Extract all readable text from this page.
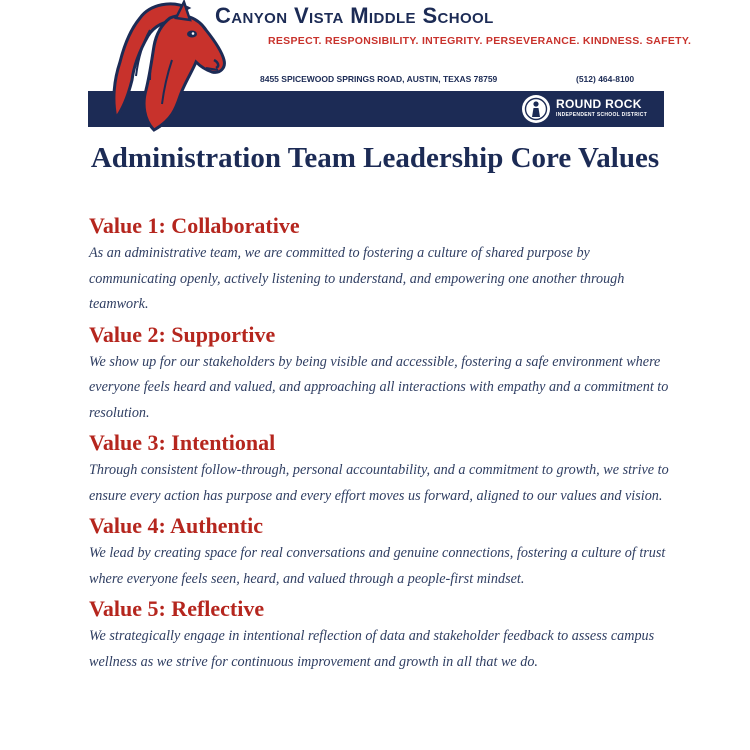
Canyon Vista Middle School
RESPECT. RESPONSIBILITY. INTEGRITY. PERSEVERANCE. KINDNESS. SAFETY.
8455 SPICEWOOD SPRINGS ROAD, AUSTIN, TEXAS 78759	(512) 464-8100
ROUND ROCK
INDEPENDENT SCHOOL DISTRICT
Administration Team Leadership Core Values
Value 1: Collaborative
As an administrative team, we are committed to fostering a culture of shared purpose by communicating openly, actively listening to understand, and empowering one another through teamwork.
Value 2: Supportive
We show up for our stakeholders by being visible and accessible, fostering a safe environment where everyone feels heard and valued, and approaching all interactions with empathy and a commitment to resolution.
Value 3: Intentional
Through consistent follow-through, personal accountability, and a commitment to growth, we strive to ensure every action has purpose and every effort moves us forward, aligned to our values and vision.
Value 4: Authentic
We lead by creating space for real conversations and genuine connections, fostering a culture of trust where everyone feels seen, heard, and valued through a people-first mindset.
Value 5: Reflective
We strategically engage in intentional reflection of data and stakeholder feedback to assess campus wellness as we strive for continuous improvement and growth in all that we do.
